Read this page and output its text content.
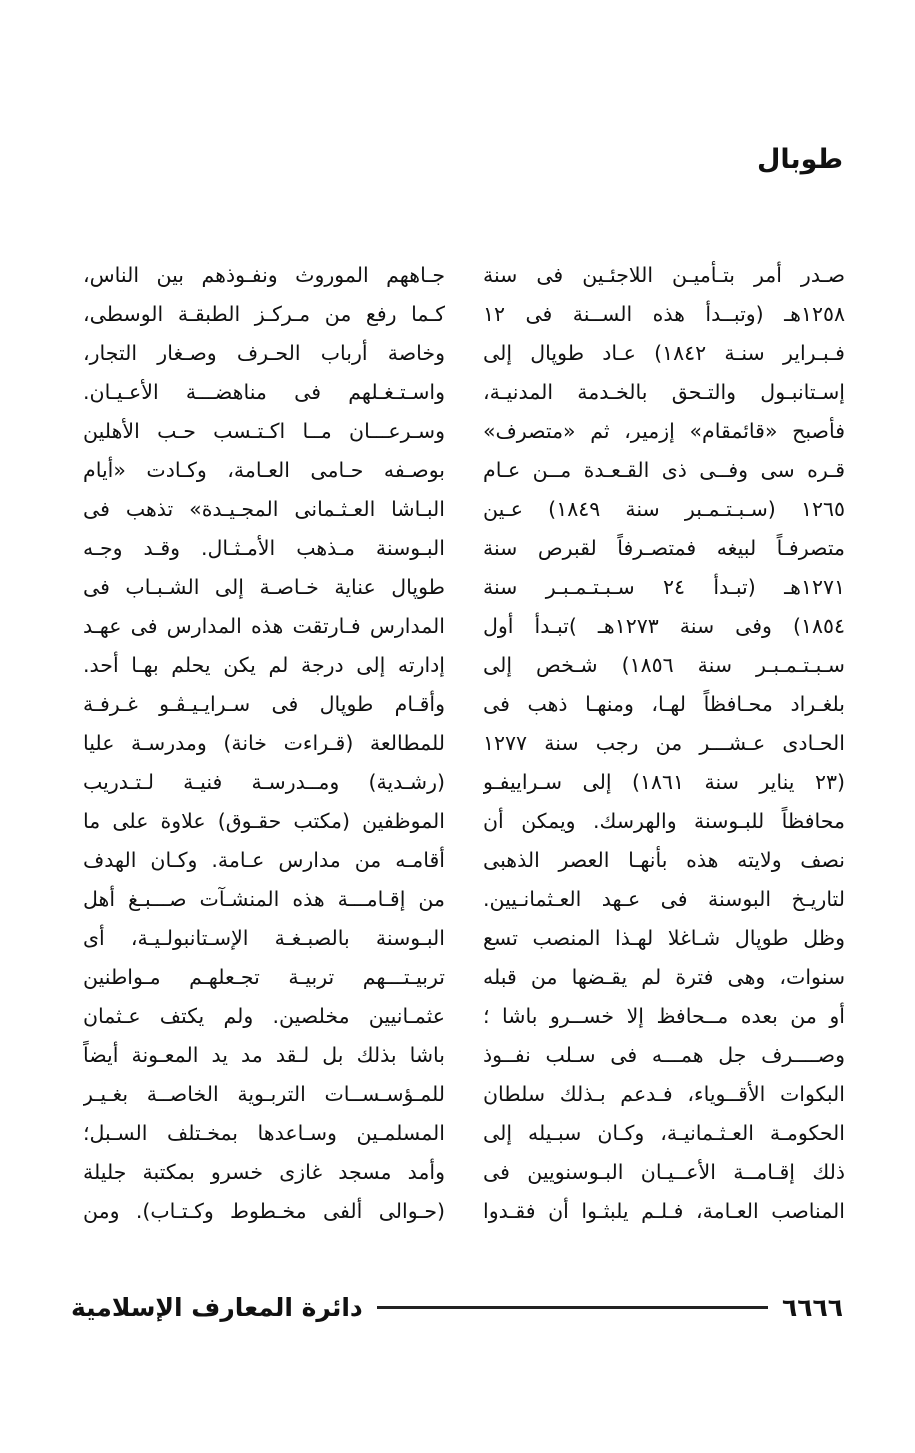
طوبال
صـدر أمر بتـأميـن اللاجئـين فى سنة
١٢٥٨هـ (وتبــدأ هذه الســنة فى ١٢
فـبـراير سنـة ١٨٤٢) عـاد طوپال إلى
إسـتانبـول والتـحق بالخـدمة المدنيـة،
فأصبح «قائمقام» إزمير، ثم «متصرف»
قـره سى وفــى ذى القـعـدة مــن عـام
١٢٦٥ (سـبـتـمـبر سنة ١٨٤٩) عـين
متصرفـاً لبيغه فمتصـرفاً لقبرص سنة
١٢٧١هـ (تبـدأ ٢٤ سـبـتـمـبـر سنة
١٨٥٤) وفى سنة ١٢٧٣هـ )تبـدأ أول
سـبـتـمـبـر سنة ١٨٥٦) شـخص إلى
بلغـراد محـافظاً لهـا، ومنهـا ذهب فى
الحـادى عـشـــر من رجب سنة ١٢٧٧
(٢٣ يناير سنة ١٨٦١) إلى سـراييفـو
محافظاً للبـوسنة والهرسك. ويمكن أن
نصف ولايته هذه بأنهـا العصر الذهبى
لتاريـخ البوسنة فى عـهد العـثمانـيين.
وظل طوپال شـاغلا لهـذا المنصب تسع
سنوات، وهى فترة لم يقـضها من قبله
أو من بعده مــحافظ إلا خســرو باشا ؛
وصــــرف جل همـــه فى سـلب نفــوذ
البكوات الأقــوياء، فـدعم بـذلك سلطان
الحكومـة العـثـمانيـة، وكـان سبـيله إلى
ذلك إقـامــة الأعــيـان البـوسنويين فى
المناصب العـامة، فـلـم يلبثـوا أن فقـدوا
جـاههم الموروث ونفـوذهم بين الناس،
كـما رفع من مـركـز الطبقـة الوسطى،
وخاصة أرباب الحـرف وصـغار التجار،
واسـتـغـلهم فى مناهضـــة الأعـيـان.
وسـرعـــان مــا اكـتـسب حـب الأهلين
بوصـفه حـامى العـامة، وكـادت «أيام
البـاشا العـثـمانى المجـيـدة» تذهب فى
البـوسنة مـذهب الأمـثـال. وقـد وجـه
طوپال عناية خـاصـة إلى الشـبـاب فى
المدارس فـارتقت هذه المدارس فى عهـد
إدارته إلى درجة لم يكن يحلم بهـا أحد.
وأقـام طوپال فى سـرايـيـڤـو غـرفـة
للمطالعة (قـراءت خانة) ومدرسـة عليا
(رشـدية) ومــدرسـة فنيـة لـتـدريب
الموظفين (مكتب حقـوق) علاوة على ما
أقامـه من مدارس عـامة. وكـان الهدف
من إقـامـــة هذه المنشـآت صـــبـغ أهل
البـوسنة بالصبـغـة الإسـتانبولـيـة، أى
تربيـتـــهم تربيـة تجـعلهـم مـواطنين
عثمـانيين مخلصين. ولم يكتف عـثمان
باشا بذلك بل لـقد مد يد المعـونة أيضاً
للمـؤسـســات التربـوية الخاصــة بغـيـر
المسلمـين وسـاعدها بمخـتلف السـبل؛
وأمد مسجد غازى خسرو بمكتبة جليلة
(حـوالى ألفى مخـطوط وكـتـاب). ومن
٦٦٦٦
دائرة المعارف الإسلامية
